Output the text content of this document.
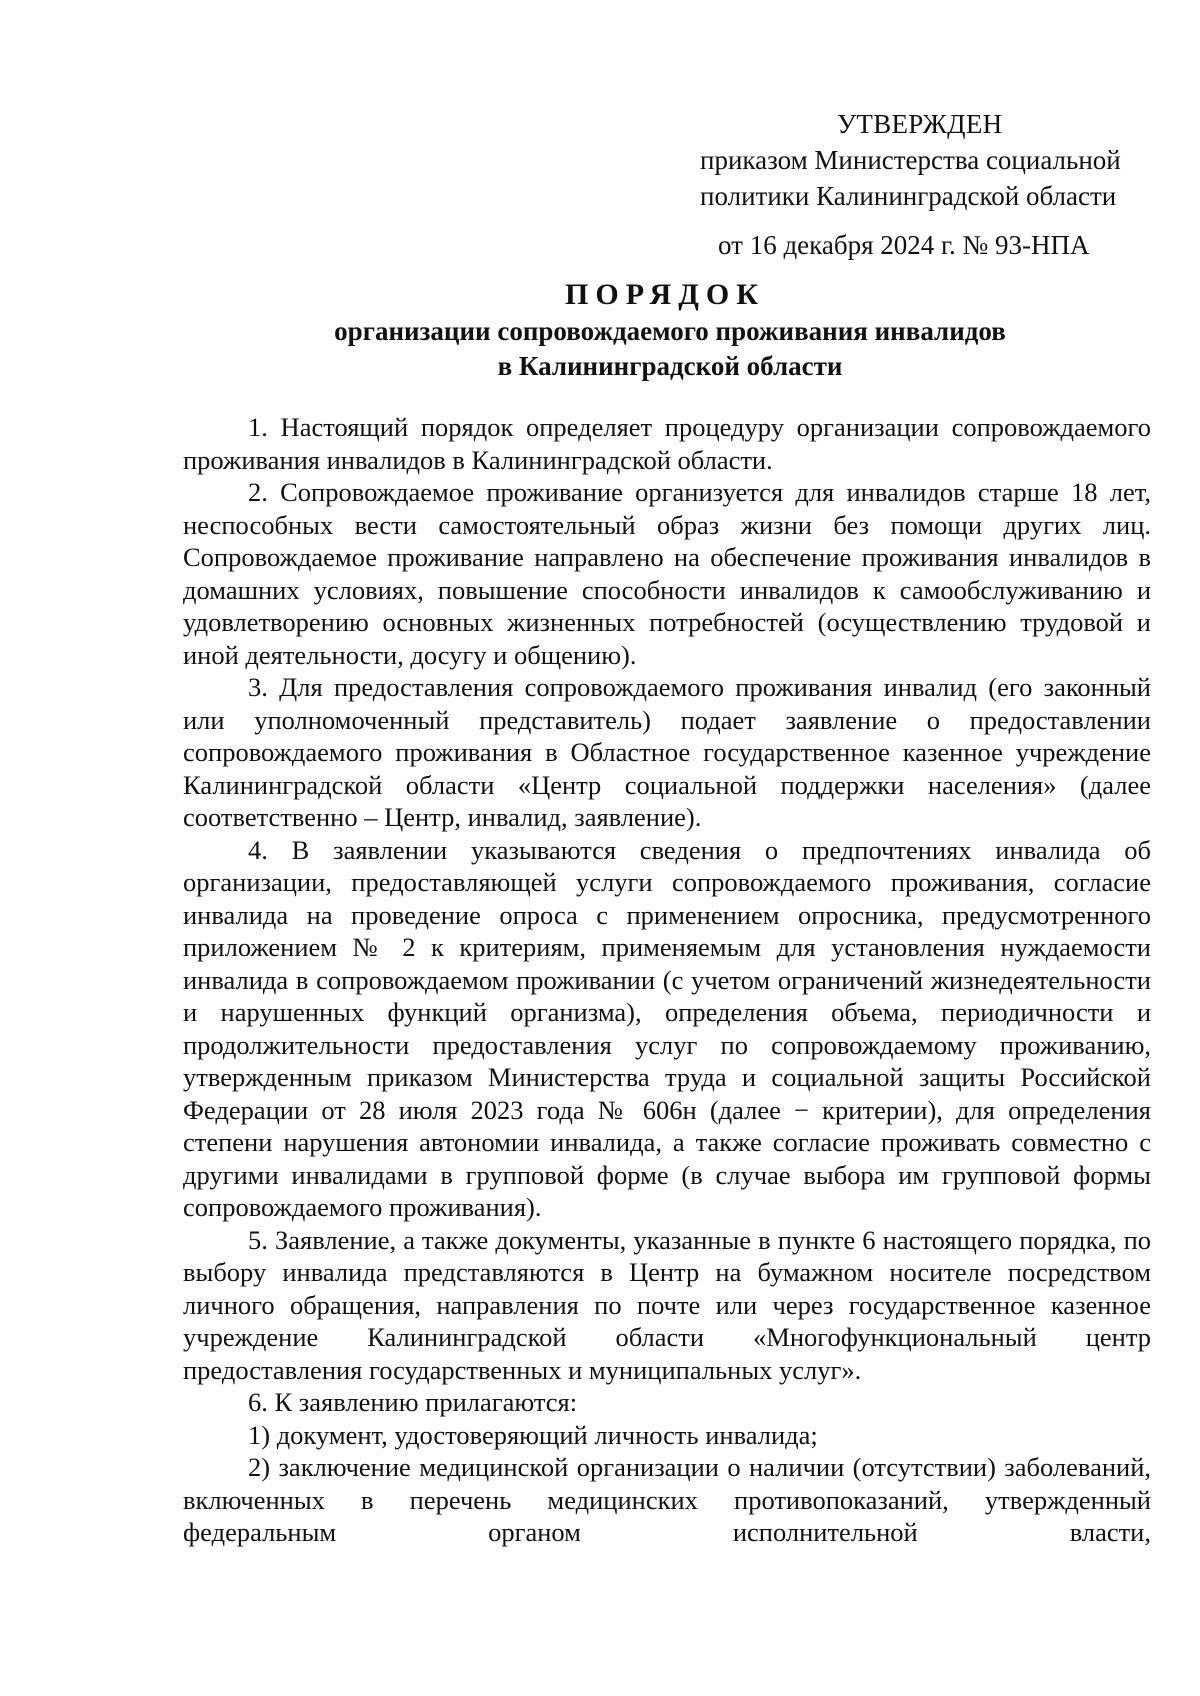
УТВЕРЖДЕН
приказом Министерства социальной
политики Калининградской области
от 16 декабря 2024 г. № 93-НПА
ПОРЯДОК
организации сопровождаемого проживания инвалидов
в Калининградской области

1. Настоящий порядок определяет процедуру организации сопровождаемого проживания инвалидов в Калининградской области.

2. Сопровождаемое проживание организуется для инвалидов старше 18 лет, неспособных вести самостоятельный образ жизни без помощи других лиц. Сопровождаемое проживание направлено на обеспечение проживания инвалидов в домашних условиях, повышение способности инвалидов к самообслуживанию и удовлетворению основных жизненных потребностей (осуществлению трудовой и иной деятельности, досугу и общению).

3. Для предоставления сопровождаемого проживания инвалид (его законный или уполномоченный представитель) подает заявление о предоставлении сопровождаемого проживания в Областное государственное казенное учреждение Калининградской области «Центр социальной поддержки населения» (далее соответственно – Центр, инвалид, заявление).

4. В заявлении указываются сведения о предпочтениях инвалида об организации, предоставляющей услуги сопровождаемого проживания, согласие инвалида на проведение опроса с применением опросника, предусмотренного приложением № 2 к критериям, применяемым для установления нуждаемости инвалида в сопровождаемом проживании (с учетом ограничений жизнедеятельности и нарушенных функций организма), определения объема, периодичности и продолжительности предоставления услуг по сопровождаемому проживанию, утвержденным приказом Министерства труда и социальной защиты Российской Федерации от 28 июля 2023 года № 606н (далее − критерии), для определения степени нарушения автономии инвалида, а также согласие проживать совместно с другими инвалидами в групповой форме (в случае выбора им групповой формы сопровождаемого проживания).

5. Заявление, а также документы, указанные в пункте 6 настоящего порядка, по выбору инвалида представляются в Центр на бумажном носителе посредством личного обращения, направления по почте или через государственное казенное учреждение Калининградской области «Многофункциональный центр предоставления государственных и муниципальных услуг».

6. К заявлению прилагаются:

1) документ, удостоверяющий личность инвалида;

2) заключение медицинской организации о наличии (отсутствии) заболеваний, включенных в перечень медицинских противопоказаний, утвержденный федеральным органом исполнительной власти,
